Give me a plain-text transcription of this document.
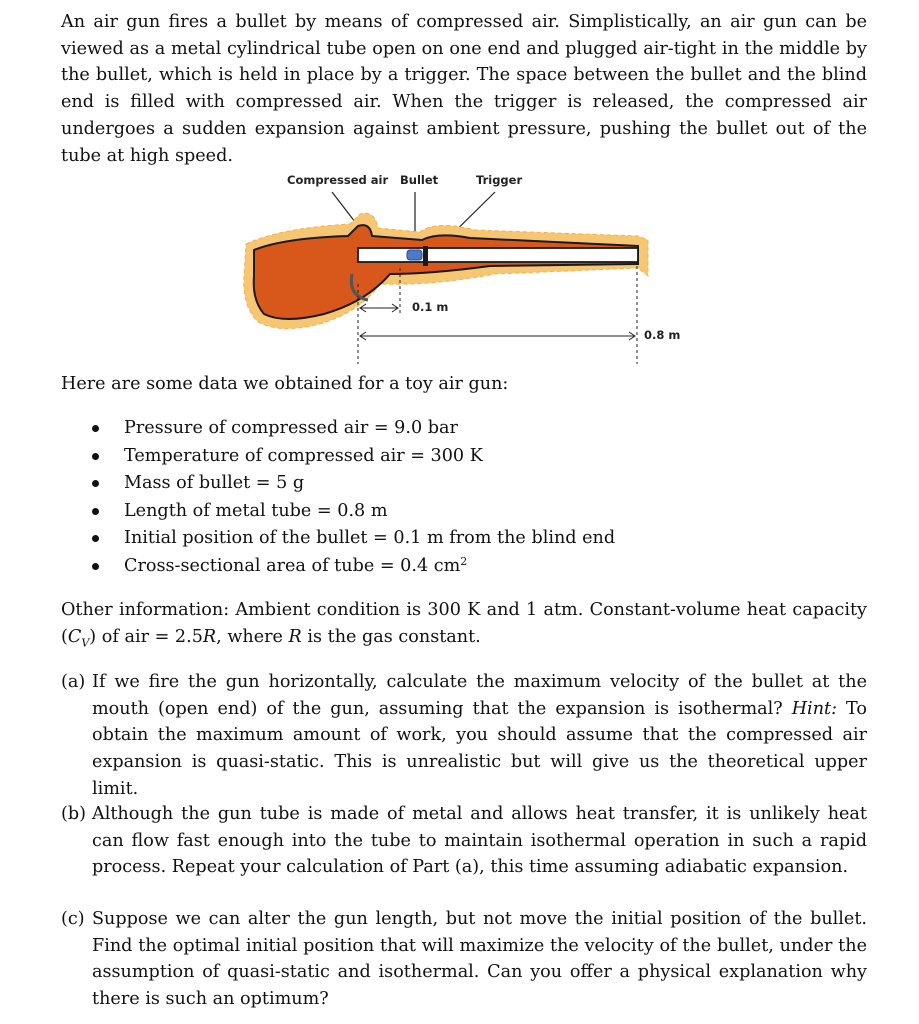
An air gun fires a bullet by means of compressed air. Simplistically, an air gun can be viewed as a metal cylindrical tube open on one end and plugged air-tight in the middle by the bullet, which is held in place by a trigger. The space between the bullet and the blind end is filled with compressed air. When the trigger is released, the compressed air undergoes a sudden expansion against ambient pressure, pushing the bullet out of the tube at high speed.

Compressed air Bullet	Trigger
0.1 m
0.8 m

Here are some data we obtained for a toy air gun:

Pressure of compressed air = 9.0 bar
Temperature of compressed air = 300 K
Mass of bullet = 5 g
Length of metal tube = 0.8 m
Initial position of the bullet = 0.1 m from the blind end
Cross-sectional area of tube = 0.4 $cm^2$

Other information: Ambient condition is 300 K and 1 atm. Constant-volume heat capacity $(C_V)$ of air = 2.5R, where R is the gas constant.

(a) If we fire the gun horizontally, calculate the maximum velocity of the bullet at the mouth (open end) of the gun, assuming that the expansion is isothermal? Hint: To obtain the maximum amount of work, you should assume that the compressed air expansion is quasi-static. This is unrealistic but will give us the theoretical upper limit.
(b) Although the gun tube is made of metal and allows heat transfer, it is unlikely heat can flow fast enough into the tube to maintain isothermal operation in such a rapid process. Repeat your calculation of Part (a), this time assuming adiabatic expansion.
(c) Suppose we can alter the gun length, but not move the initial position of the bullet. Find the optimal initial position that will maximize the velocity of the bullet, under the assumption of quasi-static and isothermal. Can you offer a physical explanation why there is such an optimum?
